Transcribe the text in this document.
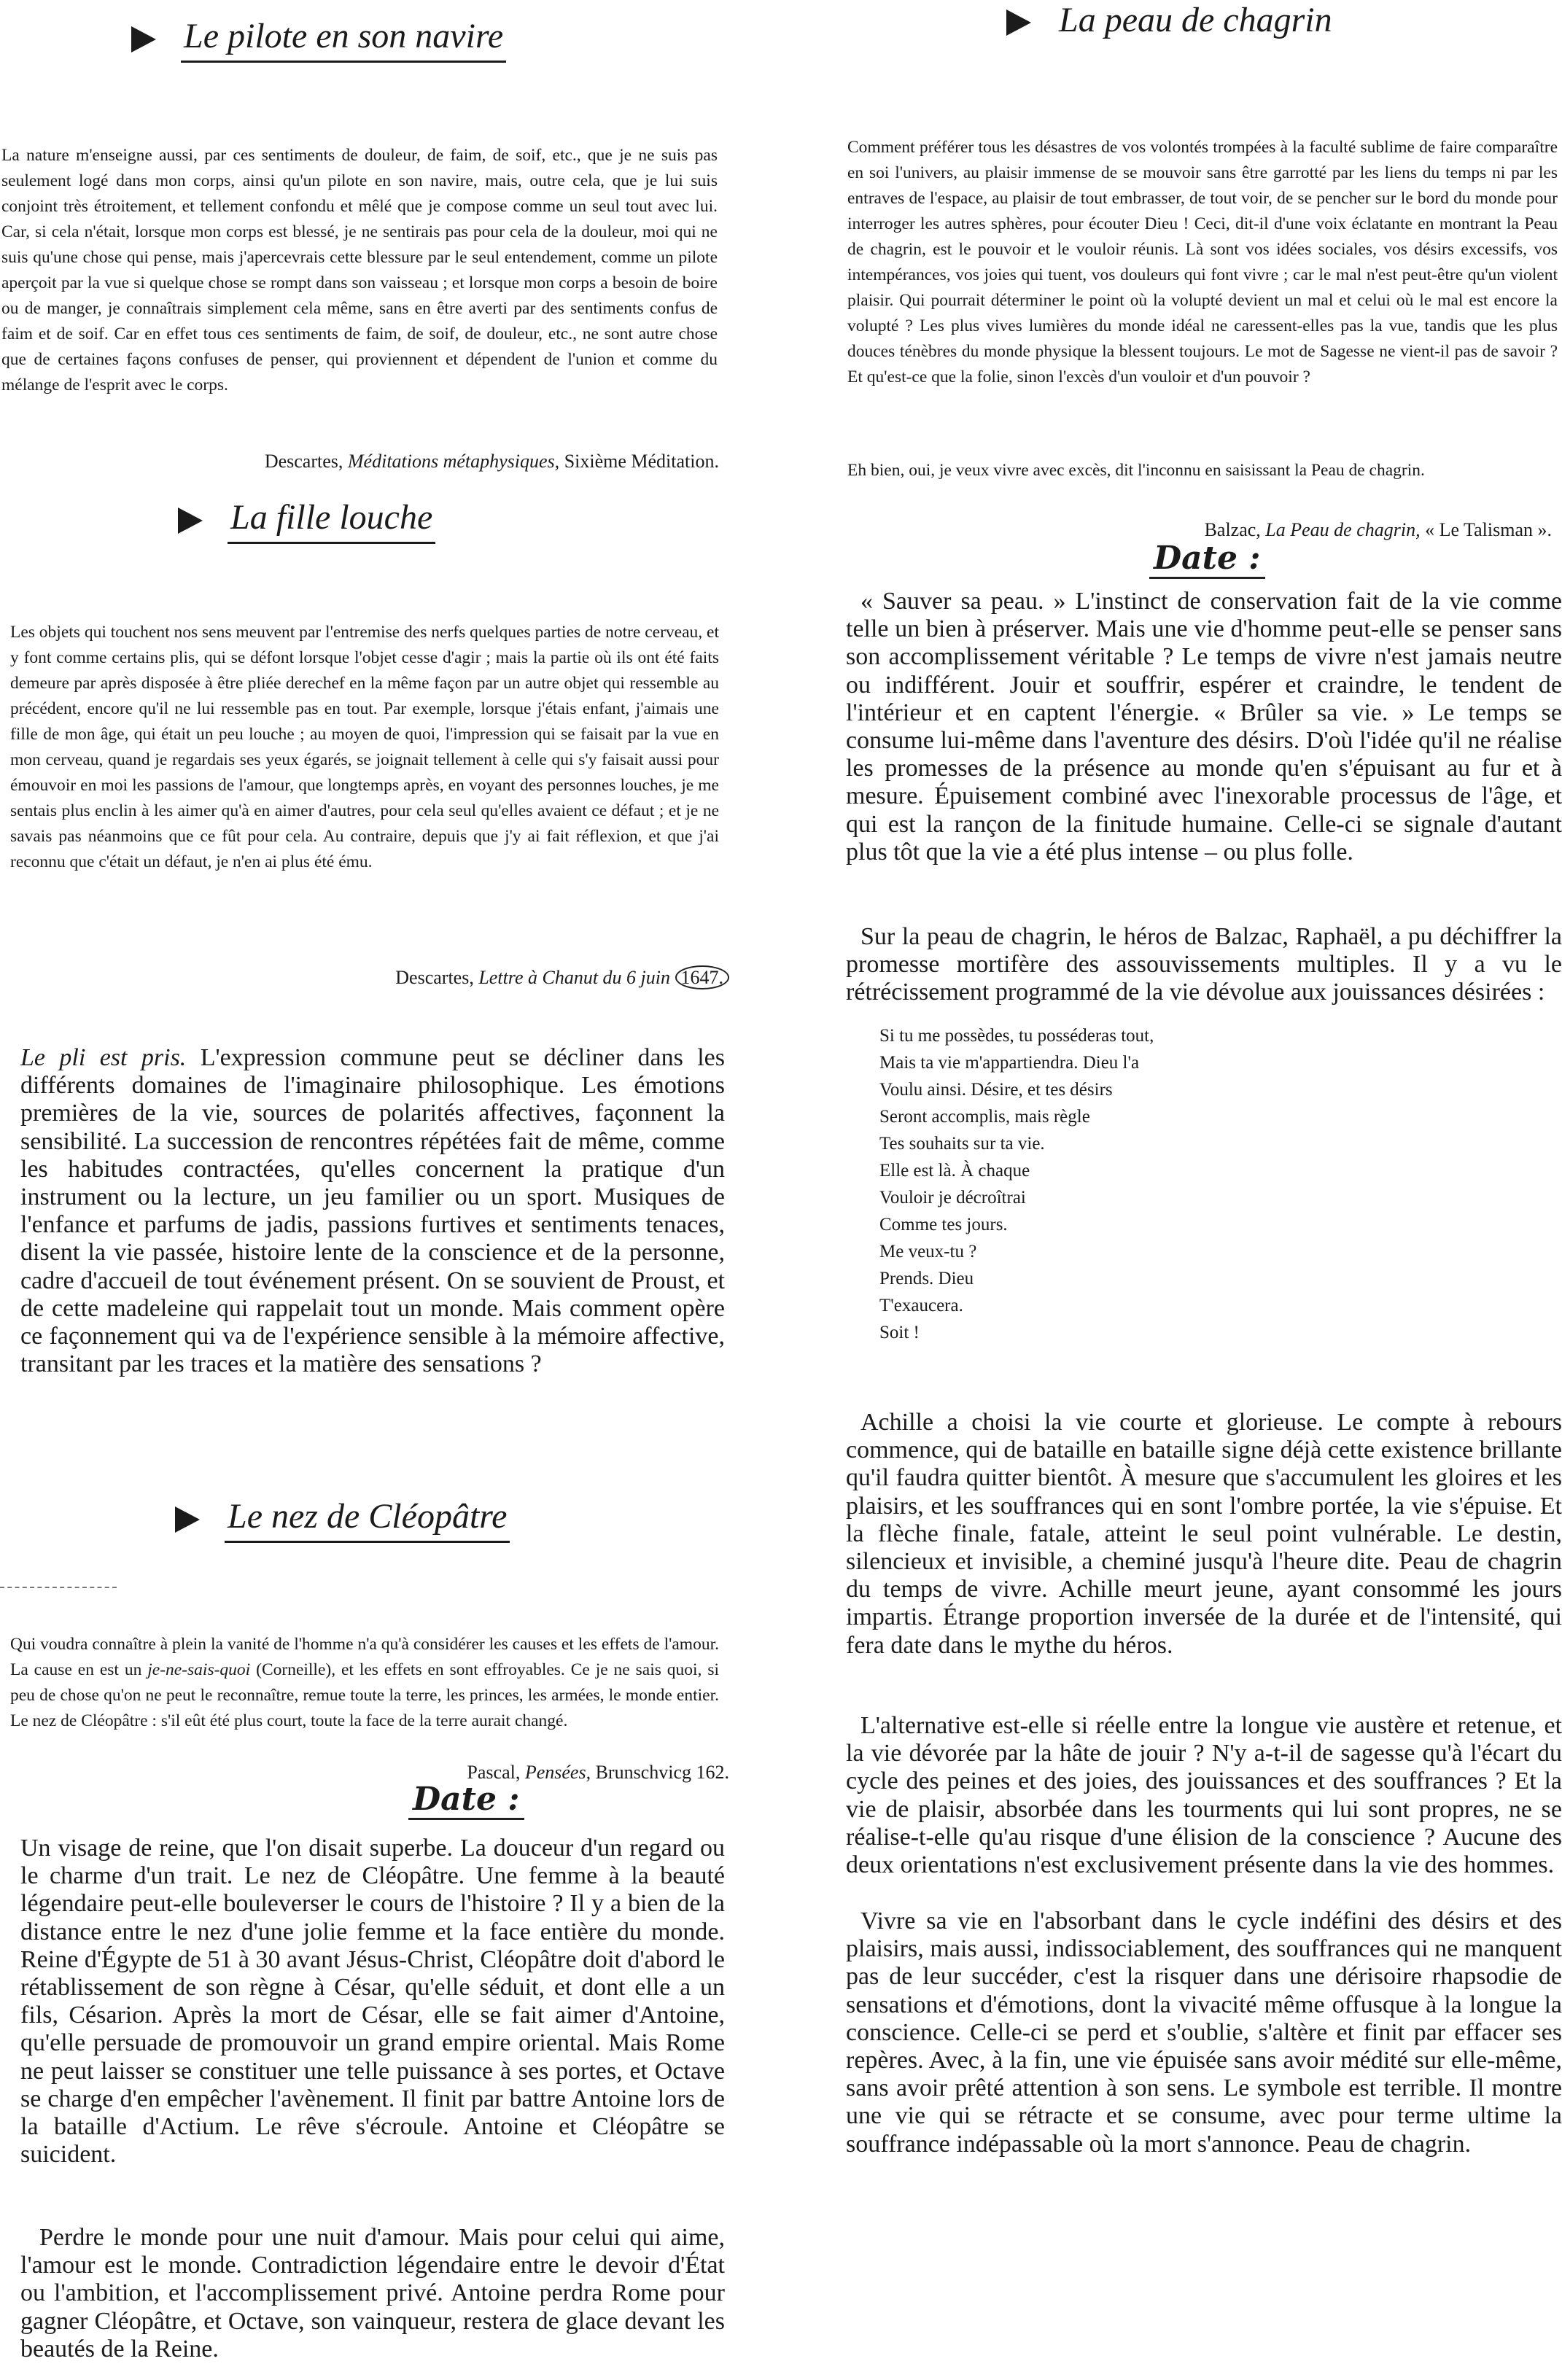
Le pilote en son navire

La nature m'enseigne aussi, par ces sentiments de douleur, de faim, de soif, etc., que je ne suis pas seulement logé dans mon corps, ainsi qu'un pilote en son navire, mais, outre cela, que je lui suis conjoint très étroitement, et tellement confondu et mêlé que je compose comme un seul tout avec lui. Car, si cela n'était, lorsque mon corps est blessé, je ne sentirais pas pour cela de la douleur, moi qui ne suis qu'une chose qui pense, mais j'apercevrais cette blessure par le seul entendement, comme un pilote aperçoit par la vue si quelque chose se rompt dans son vaisseau ; et lorsque mon corps a besoin de boire ou de manger, je connaîtrais simplement cela même, sans en être averti par des sentiments confus de faim et de soif. Car en effet tous ces sentiments de faim, de soif, de douleur, etc., ne sont autre chose que de certaines façons confuses de penser, qui proviennent et dépendent de l'union et comme du mélange de l'esprit avec le corps.

Descartes, Méditations métaphysiques, Sixième Méditation.
La fille louche

Les objets qui touchent nos sens meuvent par l'entremise des nerfs quelques parties de notre cerveau, et y font comme certains plis, qui se défont lorsque l'objet cesse d'agir ; mais la partie où ils ont été faits demeure par après disposée à être pliée derechef en la même façon par un autre objet qui ressemble au précédent, encore qu'il ne lui ressemble pas en tout. Par exemple, lorsque j'étais enfant, j'aimais une fille de mon âge, qui était un peu louche ; au moyen de quoi, l'impression qui se faisait par la vue en mon cerveau, quand je regardais ses yeux égarés, se joignait tellement à celle qui s'y faisait aussi pour émouvoir en moi les passions de l'amour, que longtemps après, en voyant des personnes louches, je me sentais plus enclin à les aimer qu'à en aimer d'autres, pour cela seul qu'elles avaient ce défaut ; et je ne savais pas néanmoins que ce fût pour cela. Au contraire, depuis que j'y ai fait réflexion, et que j'ai reconnu que c'était un défaut, je n'en ai plus été ému.

Descartes, Lettre à Chanut du 6 juin 1647.

Le pli est pris. L'expression commune peut se décliner dans les différents domaines de l'imaginaire philosophique. Les émotions premières de la vie, sources de polarités affectives, façonnent la sensibilité. La succession de rencontres répétées fait de même, comme les habitudes contractées, qu'elles concernent la pratique d'un instrument ou la lecture, un jeu familier ou un sport. Musiques de l'enfance et parfums de jadis, passions furtives et sentiments tenaces, disent la vie passée, histoire lente de la conscience et de la personne, cadre d'accueil de tout événement présent. On se souvient de Proust, et de cette madeleine qui rappelait tout un monde. Mais comment opère ce façonnement qui va de l'expérience sensible à la mémoire affective, transitant par les traces et la matière des sensations ?

Le nez de Cléopâtre

Qui voudra connaître à plein la vanité de l'homme n'a qu'à considérer les causes et les effets de l'amour. La cause en est un je-ne-sais-quoi (Corneille), et les effets en sont effroyables. Ce je ne sais quoi, si peu de chose qu'on ne peut le reconnaître, remue toute la terre, les princes, les armées, le monde entier. Le nez de Cléopâtre : s'il eût été plus court, toute la face de la terre aurait changé.

Pascal, Pensées, Brunschvicg 162.
Date :

Un visage de reine, que l'on disait superbe. La douceur d'un regard ou le charme d'un trait. Le nez de Cléopâtre. Une femme à la beauté légendaire peut-elle bouleverser le cours de l'histoire ? Il y a bien de la distance entre le nez d'une jolie femme et la face entière du monde. Reine d'Égypte de 51 à 30 avant Jésus-Christ, Cléopâtre doit d'abord le rétablissement de son règne à César, qu'elle séduit, et dont elle a un fils, Césarion. Après la mort de César, elle se fait aimer d'Antoine, qu'elle persuade de promouvoir un grand empire oriental. Mais Rome ne peut laisser se constituer une telle puissance à ses portes, et Octave se charge d'en empêcher l'avènement. Il finit par battre Antoine lors de la bataille d'Actium. Le rêve s'écroule. Antoine et Cléopâtre se suicident.

Perdre le monde pour une nuit d'amour. Mais pour celui qui aime, l'amour est le monde. Contradiction légendaire entre le devoir d'État ou l'ambition, et l'accomplissement privé. Antoine perdra Rome pour gagner Cléopâtre, et Octave, son vainqueur, restera de glace devant les beautés de la Reine.

La peau de chagrin

Comment préférer tous les désastres de vos volontés trompées à la faculté sublime de faire comparaître en soi l'univers, au plaisir immense de se mouvoir sans être garrotté par les liens du temps ni par les entraves de l'espace, au plaisir de tout embrasser, de tout voir, de se pencher sur le bord du monde pour interroger les autres sphères, pour écouter Dieu ! Ceci, dit-il d'une voix éclatante en montrant la Peau de chagrin, est le pouvoir et le vouloir réunis. Là sont vos idées sociales, vos désirs excessifs, vos intempérances, vos joies qui tuent, vos douleurs qui font vivre ; car le mal n'est peut-être qu'un violent plaisir. Qui pourrait déterminer le point où la volupté devient un mal et celui où le mal est encore la volupté ? Les plus vives lumières du monde idéal ne caressent-elles pas la vue, tandis que les plus douces ténèbres du monde physique la blessent toujours. Le mot de Sagesse ne vient-il pas de savoir ? Et qu'est-ce que la folie, sinon l'excès d'un vouloir et d'un pouvoir ?

Eh bien, oui, je veux vivre avec excès, dit l'inconnu en saisissant la Peau de chagrin.

Balzac, La Peau de chagrin, « Le Talisman ».
Date :

« Sauver sa peau. » L'instinct de conservation fait de la vie comme telle un bien à préserver. Mais une vie d'homme peut-elle se penser sans son accomplissement véritable ? Le temps de vivre n'est jamais neutre ou indifférent. Jouir et souffrir, espérer et craindre, le tendent de l'intérieur et en captent l'énergie. « Brûler sa vie. » Le temps se consume lui-même dans l'aventure des désirs. D'où l'idée qu'il ne réalise les promesses de la présence au monde qu'en s'épuisant au fur et à mesure. Épuisement combiné avec l'inexorable processus de l'âge, et qui est la rançon de la finitude humaine. Celle-ci se signale d'autant plus tôt que la vie a été plus intense – ou plus folle.

Sur la peau de chagrin, le héros de Balzac, Raphaël, a pu déchiffrer la promesse mortifère des assouvissements multiples. Il y a vu le rétrécissement programmé de la vie dévolue aux jouissances désirées :

Si tu me possèdes, tu posséderas tout,
Mais ta vie m'appartiendra. Dieu l'a
Voulu ainsi. Désire, et tes désirs
Seront accomplis, mais règle
Tes souhaits sur ta vie.
Elle est là. À chaque
Vouloir je décroîtrai
Comme tes jours.
Me veux-tu ?
Prends. Dieu
T'exaucera.
Soit !

Achille a choisi la vie courte et glorieuse. Le compte à rebours commence, qui de bataille en bataille signe déjà cette existence brillante qu'il faudra quitter bientôt. À mesure que s'accumulent les gloires et les plaisirs, et les souffrances qui en sont l'ombre portée, la vie s'épuise. Et la flèche finale, fatale, atteint le seul point vulnérable. Le destin, silencieux et invisible, a cheminé jusqu'à l'heure dite. Peau de chagrin du temps de vivre. Achille meurt jeune, ayant consommé les jours impartis. Étrange proportion inversée de la durée et de l'intensité, qui fera date dans le mythe du héros.

L'alternative est-elle si réelle entre la longue vie austère et retenue, et la vie dévorée par la hâte de jouir ? N'y a-t-il de sagesse qu'à l'écart du cycle des peines et des joies, des jouissances et des souffrances ? Et la vie de plaisir, absorbée dans les tourments qui lui sont propres, ne se réalise-t-elle qu'au risque d'une élision de la conscience ? Aucune des deux orientations n'est exclusivement présente dans la vie des hommes.

Vivre sa vie en l'absorbant dans le cycle indéfini des désirs et des plaisirs, mais aussi, indissociablement, des souffrances qui ne manquent pas de leur succéder, c'est la risquer dans une dérisoire rhapsodie de sensations et d'émotions, dont la vivacité même offusque à la longue la conscience. Celle-ci se perd et s'oublie, s'altère et finit par effacer ses repères. Avec, à la fin, une vie épuisée sans avoir médité sur elle-même, sans avoir prêté attention à son sens. Le symbole est terrible. Il montre une vie qui se rétracte et se consume, avec pour terme ultime la souffrance indépassable où la mort s'annonce. Peau de chagrin.
